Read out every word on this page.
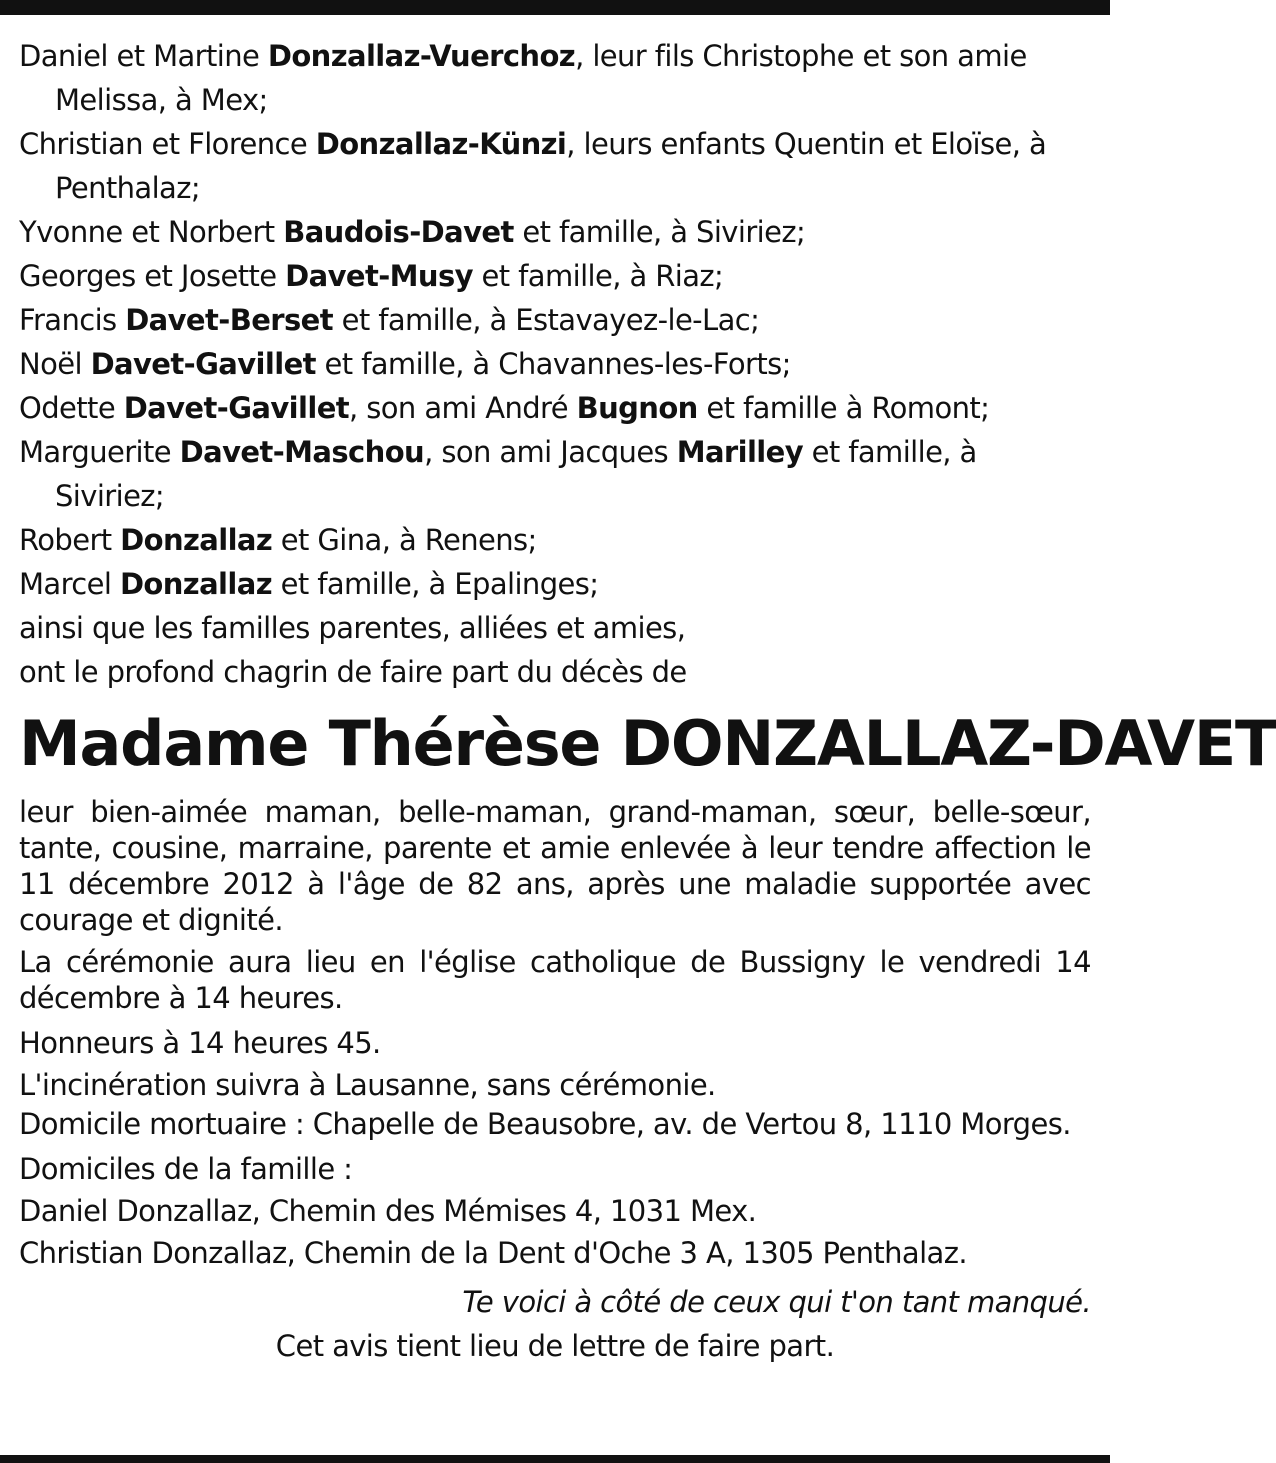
Daniel et Martine Donzallaz-Vuerchoz, leur fils Christophe et son amie Melissa, à Mex;
Christian et Florence Donzallaz-Künzi, leurs enfants Quentin et Eloïse, à Penthalaz;
Yvonne et Norbert Baudois-Davet et famille, à Siviriez;
Georges et Josette Davet-Musy et famille, à Riaz;
Francis Davet-Berset et famille, à Estavayez-le-Lac;
Noël Davet-Gavillet et famille, à Chavannes-les-Forts;
Odette Davet-Gavillet, son ami André Bugnon et famille à Romont;
Marguerite Davet-Maschou, son ami Jacques Marilley et famille, à Siviriez;
Robert Donzallaz et Gina, à Renens;
Marcel Donzallaz et famille, à Epalinges;
ainsi que les familles parentes, alliées et amies,
ont le profond chagrin de faire part du décès de
Madame Thérèse DONZALLAZ-DAVET
leur bien-aimée maman, belle-maman, grand-maman, sœur, belle-sœur, tante, cousine, marraine, parente et amie enlevée à leur tendre affection le 11 décembre 2012 à l'âge de 82 ans, après une maladie supportée avec courage et dignité.
La cérémonie aura lieu en l'église catholique de Bussigny le vendredi 14 décembre à 14 heures.
Honneurs à 14 heures 45.
L'incinération suivra à Lausanne, sans cérémonie.
Domicile mortuaire : Chapelle de Beausobre, av. de Vertou 8, 1110 Morges.
Domiciles de la famille :
Daniel Donzallaz, Chemin des Mémises 4, 1031 Mex.
Christian Donzallaz, Chemin de la Dent d'Oche 3 A, 1305 Penthalaz.
Te voici à côté de ceux qui t'on tant manqué.
Cet avis tient lieu de lettre de faire part.
